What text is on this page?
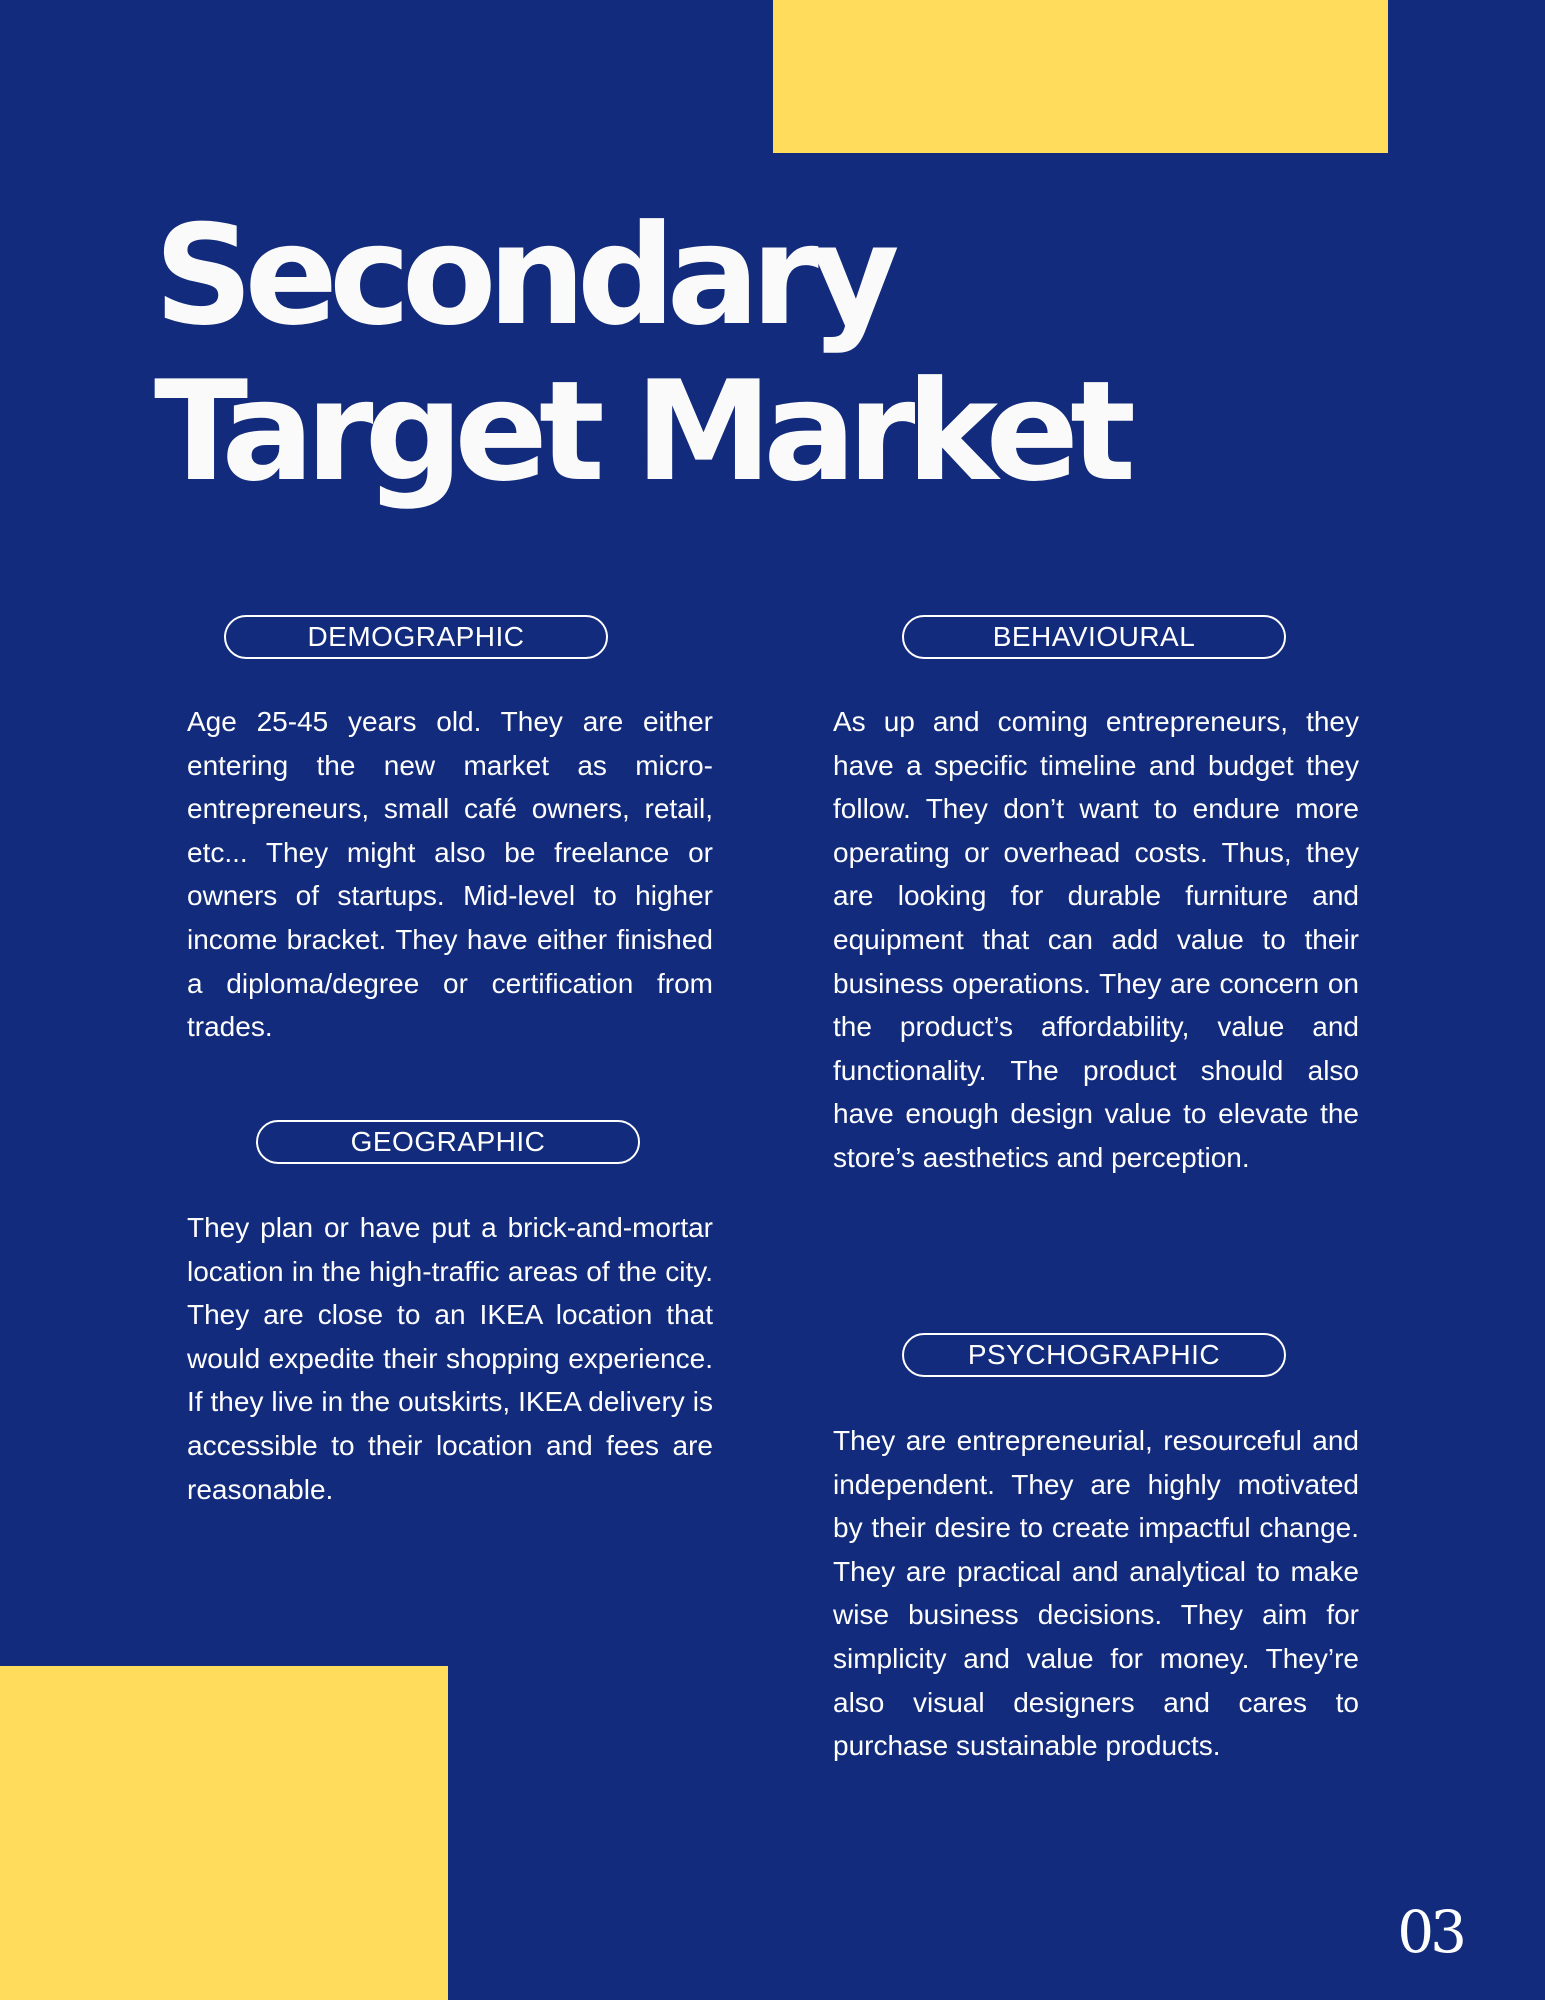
Secondary
Target Market
DEMOGRAPHIC

Age 25-45 years old. They are either entering the new market as micro-entrepreneurs, small café owners, retail, etc... They might also be freelance or owners of startups. Mid-level to higher income bracket. They have either finished a diploma/degree or certification from trades.

GEOGRAPHIC

They plan or have put a brick-and-mortar location in the high-traffic areas of the city. They are close to an IKEA location that would expedite their shopping experience. If they live in the outskirts, IKEA delivery is accessible to their location and fees are reasonable.

BEHAVIOURAL

As up and coming entrepreneurs, they have a specific timeline and budget they follow. They don’t want to endure more operating or overhead costs. Thus, they are looking for durable furniture and equipment that can add value to their business operations. They are concern on the product’s affordability, value and functionality. The product should also have enough design value to elevate the store’s aesthetics and perception.

PSYCHOGRAPHIC

They are entrepreneurial, resourceful and independent. They are highly motivated by their desire to create impactful change. They are practical and analytical to make wise business decisions. They aim for simplicity and value for money. They’re also visual designers and cares to purchase sustainable products.

03
